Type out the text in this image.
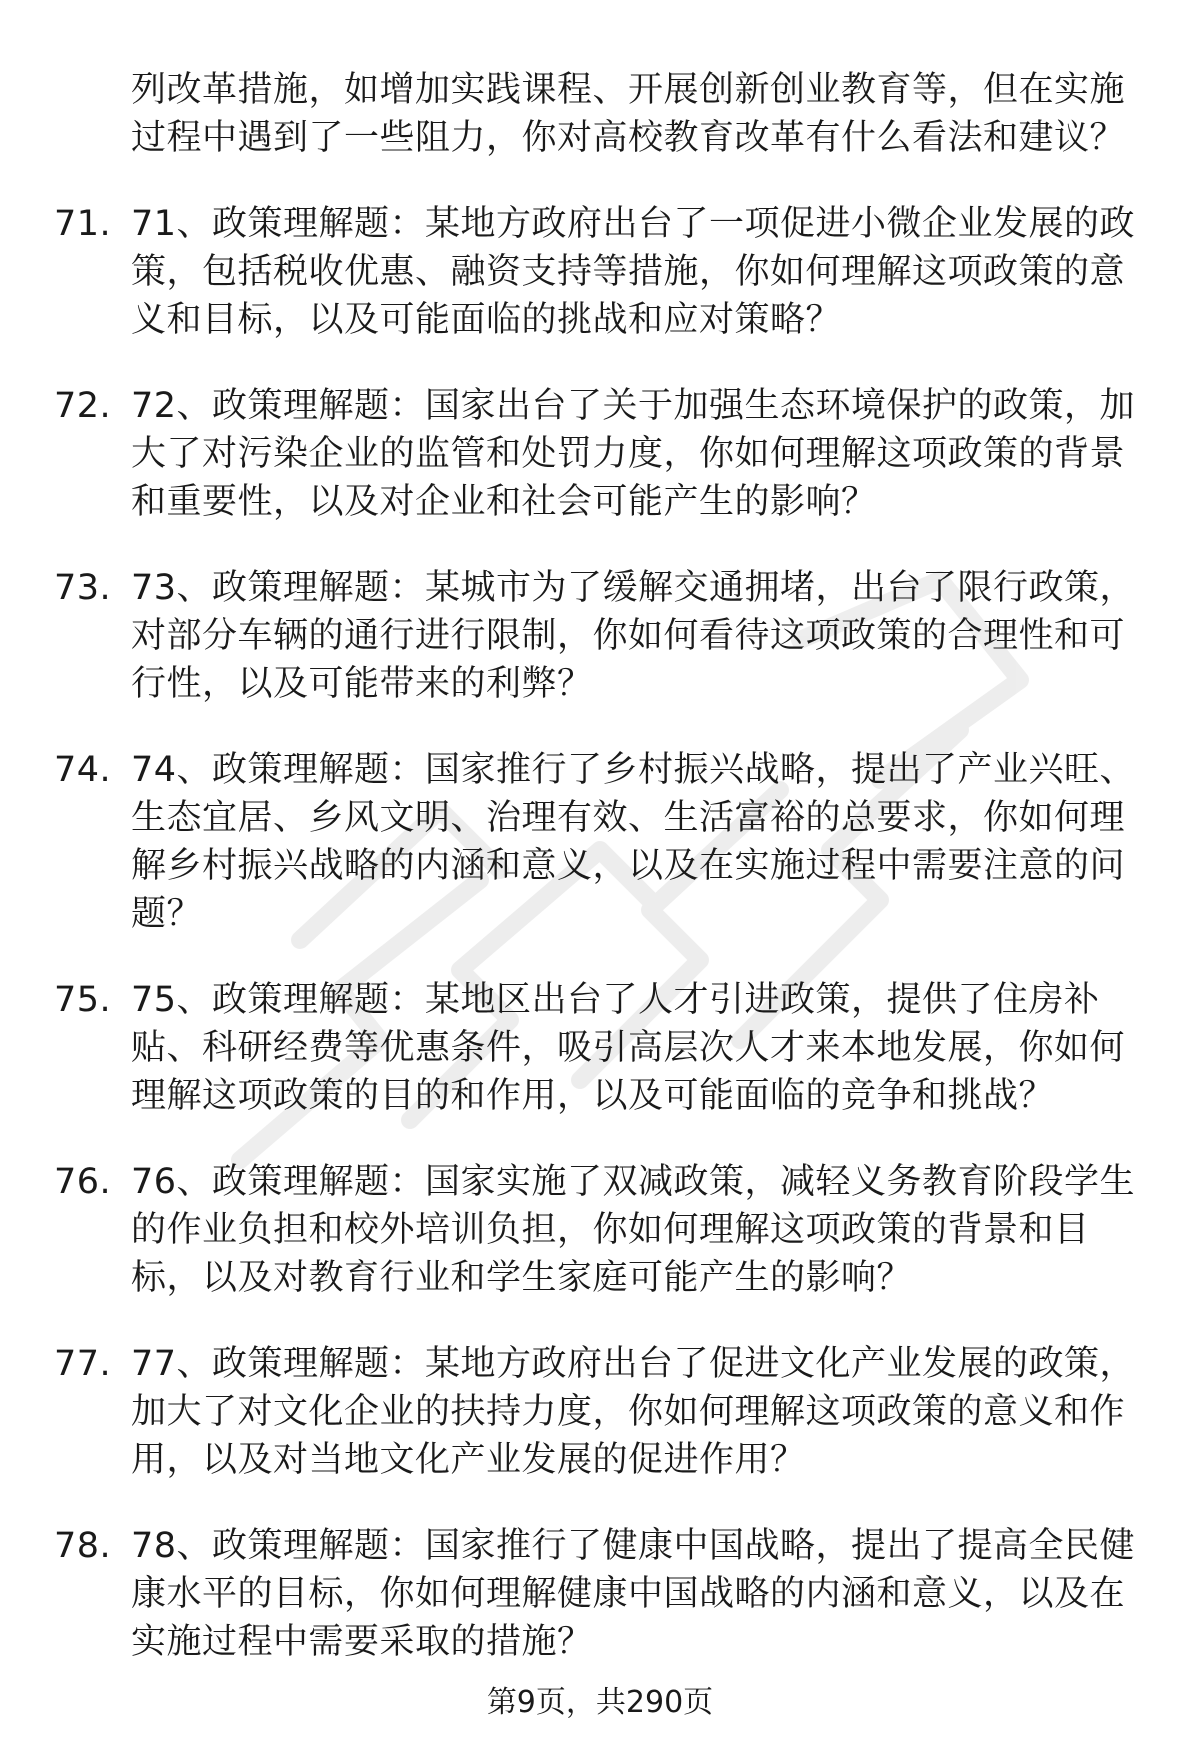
列改革措施，如增加实践课程、开展创新创业教育等，但在实施过程中遇到了一些阻力，你对高校教育改革有什么看法和建议？

71. 71、政策理解题：某地方政府出台了一项促进小微企业发展的政策，包括税收优惠、融资支持等措施，你如何理解这项政策的意义和目标，以及可能面临的挑战和应对策略？
72. 72、政策理解题：国家出台了关于加强生态环境保护的政策，加大了对污染企业的监管和处罚力度，你如何理解这项政策的背景和重要性，以及对企业和社会可能产生的影响？
73. 73、政策理解题：某城市为了缓解交通拥堵，出台了限行政策，对部分车辆的通行进行限制，你如何看待这项政策的合理性和可行性，以及可能带来的利弊？
74. 74、政策理解题：国家推行了乡村振兴战略，提出了产业兴旺、生态宜居、乡风文明、治理有效、生活富裕的总要求，你如何理解乡村振兴战略的内涵和意义，以及在实施过程中需要注意的问题？
75. 75、政策理解题：某地区出台了人才引进政策，提供了住房补贴、科研经费等优惠条件，吸引高层次人才来本地发展，你如何理解这项政策的目的和作用，以及可能面临的竞争和挑战？
76. 76、政策理解题：国家实施了双减政策，减轻义务教育阶段学生的作业负担和校外培训负担，你如何理解这项政策的背景和目标，以及对教育行业和学生家庭可能产生的影响？
77. 77、政策理解题：某地方政府出台了促进文化产业发展的政策，加大了对文化企业的扶持力度，你如何理解这项政策的意义和作用，以及对当地文化产业发展的促进作用？
78. 78、政策理解题：国家推行了健康中国战略，提出了提高全民健康水平的目标，你如何理解健康中国战略的内涵和意义，以及在实施过程中需要采取的措施？
第9页，共290页
